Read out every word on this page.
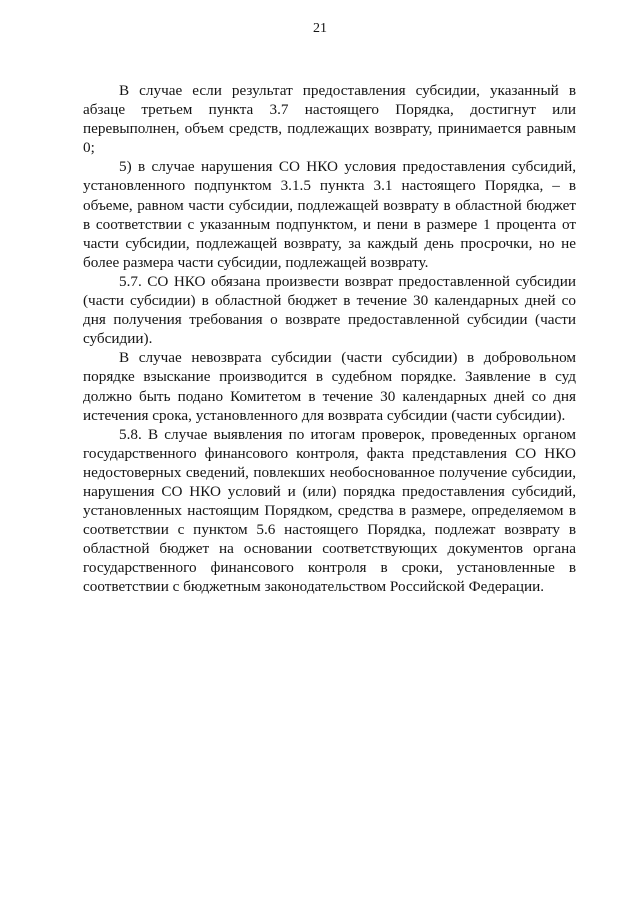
21

В случае если результат предоставления субсидии, указанный в абзаце третьем пункта 3.7 настоящего Порядка, достигнут или перевыполнен, объем средств, подлежащих возврату, принимается равным 0;

5) в случае нарушения СО НКО условия предоставления субсидий, установленного подпунктом 3.1.5 пункта 3.1 настоящего Порядка, – в объеме, равном части субсидии, подлежащей возврату в областной бюджет в соответствии с указанным подпунктом, и пени в размере 1 процента от части субсидии, подлежащей возврату, за каждый день просрочки, но не более размера части субсидии, подлежащей возврату.

5.7. СО НКО обязана произвести возврат предоставленной субсидии (части субсидии) в областной бюджет в течение 30 календарных дней со дня получения требования о возврате предоставленной субсидии (части субсидии).

В случае невозврата субсидии (части субсидии) в добровольном порядке взыскание производится в судебном порядке. Заявление в суд должно быть подано Комитетом в течение 30 календарных дней со дня истечения срока, установленного для возврата субсидии (части субсидии).

5.8. В случае выявления по итогам проверок, проведенных органом государственного финансового контроля, факта представления СО НКО недостоверных сведений, повлекших необоснованное получение субсидии, нарушения СО НКО условий и (или) порядка предоставления субсидий, установленных настоящим Порядком, средства в размере, определяемом в соответствии с пунктом 5.6 настоящего Порядка, подлежат возврату в областной бюджет на основании соответствующих документов органа государственного финансового контроля в сроки, установленные в соответствии с бюджетным законодательством Российской Федерации.
